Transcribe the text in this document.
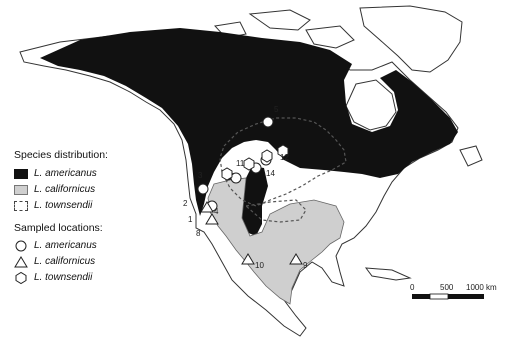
5
3
2
1
8
4
11
12
14
10	9
0	500 1000 km
Species distribution:
L. americanus
L. californicus
L. townsendii
Sampled locations:
L. americanus
L. californicus
L. townsendii
